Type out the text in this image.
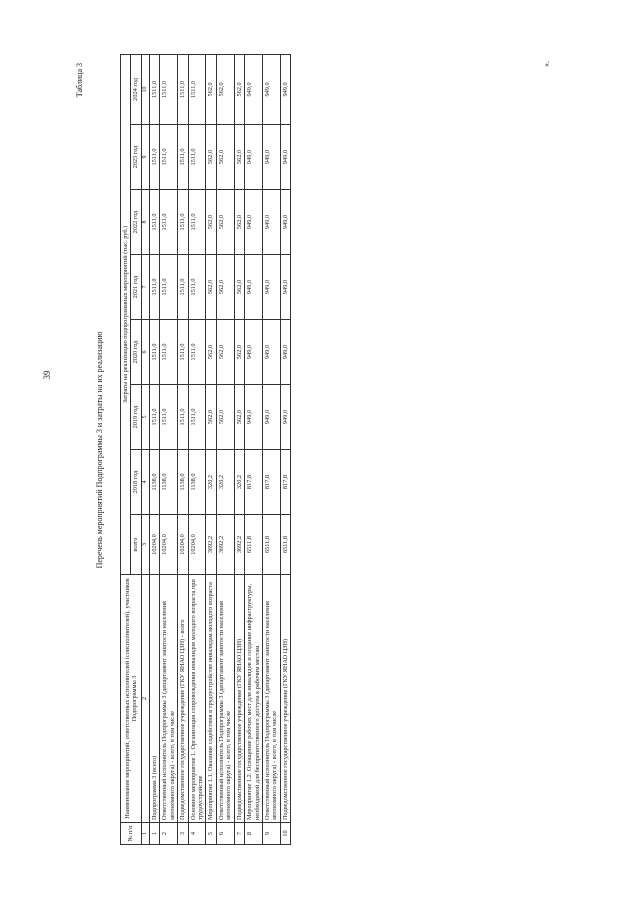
39
Таблица 3
Перечень мероприятий Подпрограммы 3 и затраты на их реализацию
№ п/п	Наименование мероприятий, ответственных исполнителей (соисполнителей), участников Подпрограммы 3	Затраты на реализацию подпрограммных мероприятий (тыс. руб.)							
		всего	2018 год	2019 год	2020 год	2021 год	2022 год	2023 год	2024 год
1	2	3	4	5	6	7	8	9	10
1	Подпрограмма 3 (всего)	10204,0	1138,0	1511,0	1511,0	1511,0	1511,0	1511,0	1511,0
2	Ответственный исполнитель Подпрограммы 3 (департамент занятости населения автономного округа) - всего, в том числе	10204,0	1138,0	1511,0	1511,0	1511,0	1511,0	1511,0	1511,0
3	Подведомственное государственное учреждение (ГКУ ЯНАО ЦЗН) - всего	10204,0	1138,0	1511,0	1511,0	1511,0	1511,0	1511,0	1511,0
4	Основное мероприятие 1. Организация сопровождения инвалидов молодого возраста при трудоустройстве	10204,0	1138,0	1511,0	1511,0	1511,0	1511,0	1511,0	1511,0
5	Мероприятие 1.1. Оказание содействия в трудоустройстве инвалидам молодого возраста	3692,2	320,2	562,0	562,0	562,0	562,0	562,0	562,0
6	Ответственный исполнитель Подпрограммы 3 (департамент занятости населения автономного округа) - всего, в том числе	3692,2	320,2	562,0	562,0	562,0	562,0	562,0	562,0
7	Подведомственное государственное учреждение (ГКУ ЯНАО ЦЗН)	3692,2	320,2	562,0	562,0	562,0	562,0	562,0	562,0
8	Мероприятие 1.2. Оснащение рабочих мест для инвалидов и создание инфраструктуры, необходимой для беспрепятственного доступа к рабочим местам	6511,8	817,8	949,0	949,0	949,0	949,0	949,0	949,0
9	Ответственный исполнитель Подпрограммы 3 (департамент занятости населения автономного округа) - всего, в том числе	6511,8	817,8	949,0	949,0	949,0	949,0	949,0	949,0
10	Подведомственное государственное учреждение (ГКУ ЯНАО ЦЗН)	6511,8	817,8	949,0	949,0	949,0	949,0	949,0	949,0
».
